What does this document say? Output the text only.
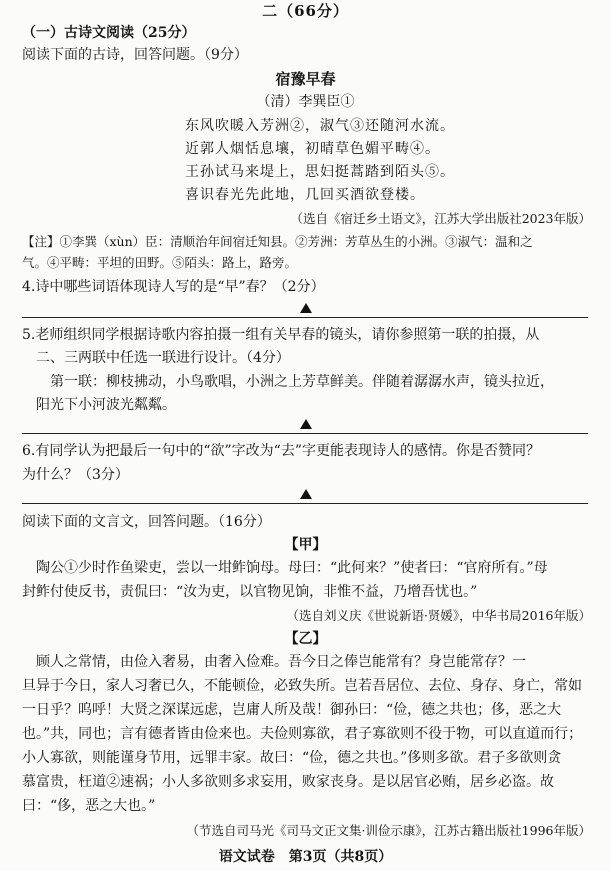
二（66分）
（一）古诗文阅读（25分）
阅读下面的古诗，回答问题。（9分）
宿豫早春
（清）李巽臣①
东风吹暖入芳洲②，淑气③还随河水流。
近郭人烟恬息壤，初晴草色媚平畴④。
王孙试马来堤上，思妇挺蒿踏到陌头⑤。
喜识春光先此地，几回买酒欲登楼。
（选自《宿迁乡土语文》，江苏大学出版社2023年版）
【注】①李巽（xùn）臣：清顺治年间宿迁知县。②芳洲：芳草丛生的小洲。③淑气：温和之
气。④平畴：平坦的田野。⑤陌头：路上，路旁。
4.诗中哪些词语体现诗人写的是“早”春？（2分）
5.老师组织同学根据诗歌内容拍摄一组有关早春的镜头，请你参照第一联的拍摄，从
二、三两联中任选一联进行设计。（4分）
第一联：柳枝拂动，小鸟歌唱，小洲之上芳草鲜美。伴随着潺潺水声，镜头拉近，
阳光下小河波光粼粼。
6.有同学认为把最后一句中的“欲”字改为“去”字更能表现诗人的感情。你是否赞同？
为什么？（3分）
阅读下面的文言文，回答问题。（16分）
【甲】
陶公①少时作鱼梁吏，尝以一坩鲊饷母。母曰：“此何来？”使者曰：“官府所有。”母
封鲊付使反书，责侃曰：“汝为吏，以官物见饷，非惟不益，乃增吾忧也。”
（选自刘义庆《世说新语·贤媛》，中华书局2016年版）
【乙】
顾人之常情，由俭入奢易，由奢入俭难。吾今日之俸岂能常有？身岂能常存？一
旦异于今日，家人习奢已久，不能顿俭，必致失所。岂若吾居位、去位、身存、身亡，常如
一日乎？呜呼！大贤之深谋远虑，岂庸人所及哉！御孙曰：“俭，德之共也；侈，恶之大
也。”共，同也；言有德者皆由俭来也。夫俭则寡欲，君子寡欲则不役于物，可以直道而行；
小人寡欲，则能谨身节用，远罪丰家。故曰：“俭，德之共也。”侈则多欲。君子多欲则贪
慕富贵，枉道②速祸；小人多欲则多求妄用，败家丧身。是以居官必贿，居乡必盗。故
曰：“侈，恶之大也。”
（节选自司马光《司马文正文集·训俭示康》，江苏古籍出版社1996年版）
语文试卷　第3页（共8页）
